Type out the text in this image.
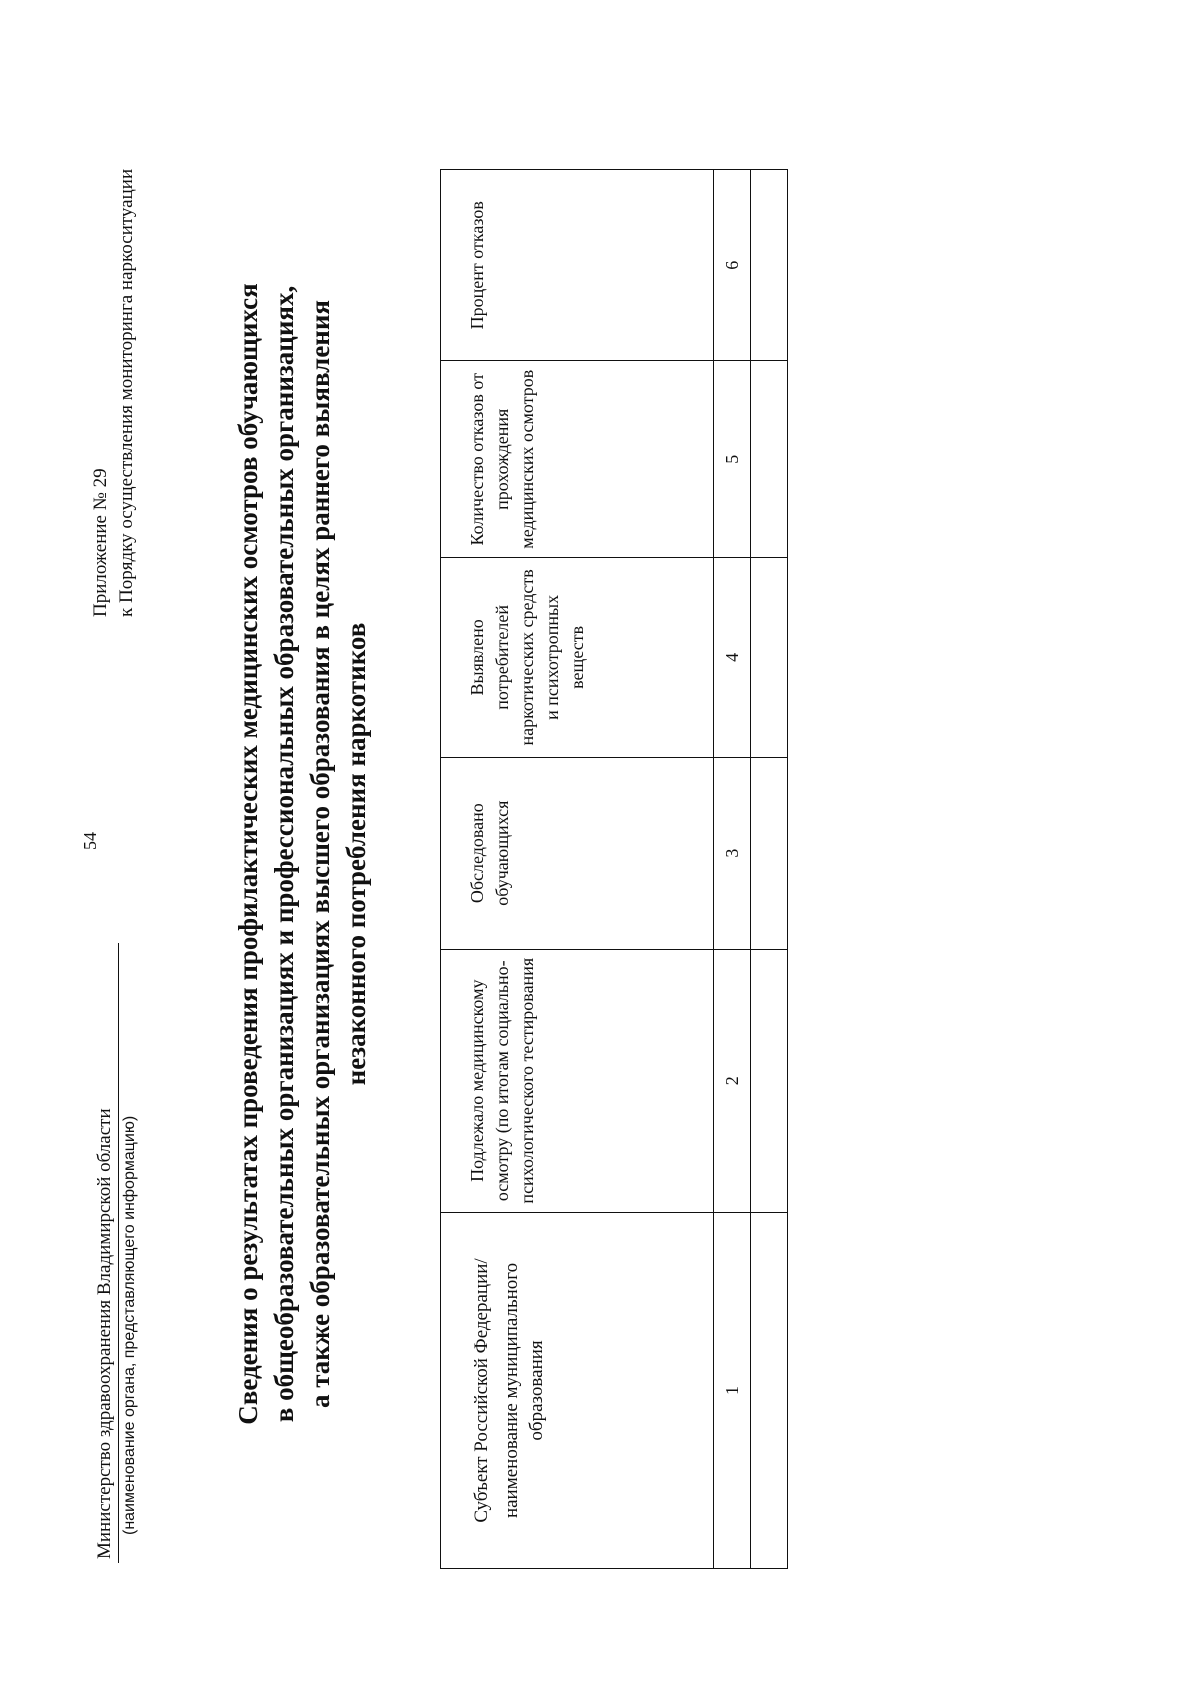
Министерство здравоохранения Владимирской области (наименование органа, представляющего информацию)
54
Приложение № 29 к Порядку осуществления мониторинга наркоситуации	Сведения о результатах проведения профилактических медицинских осмотров обучающихся в общеобразовательных организациях и профессиональных образовательных организациях, а также образовательных организациях высшего образования в целях раннего выявления незаконного потребления наркотиков
Субъект Российской Федерации/ наименование муниципального образования	Подлежало медицинскому осмотру (по итогам социально-психологического тестирования	Обследовано обучающихся	Выявлено потребителей наркотических средств и психотропных веществ	Количество отказов от прохождения медицинских осмотров	Процент отказов

1	2	3	4	5	6
